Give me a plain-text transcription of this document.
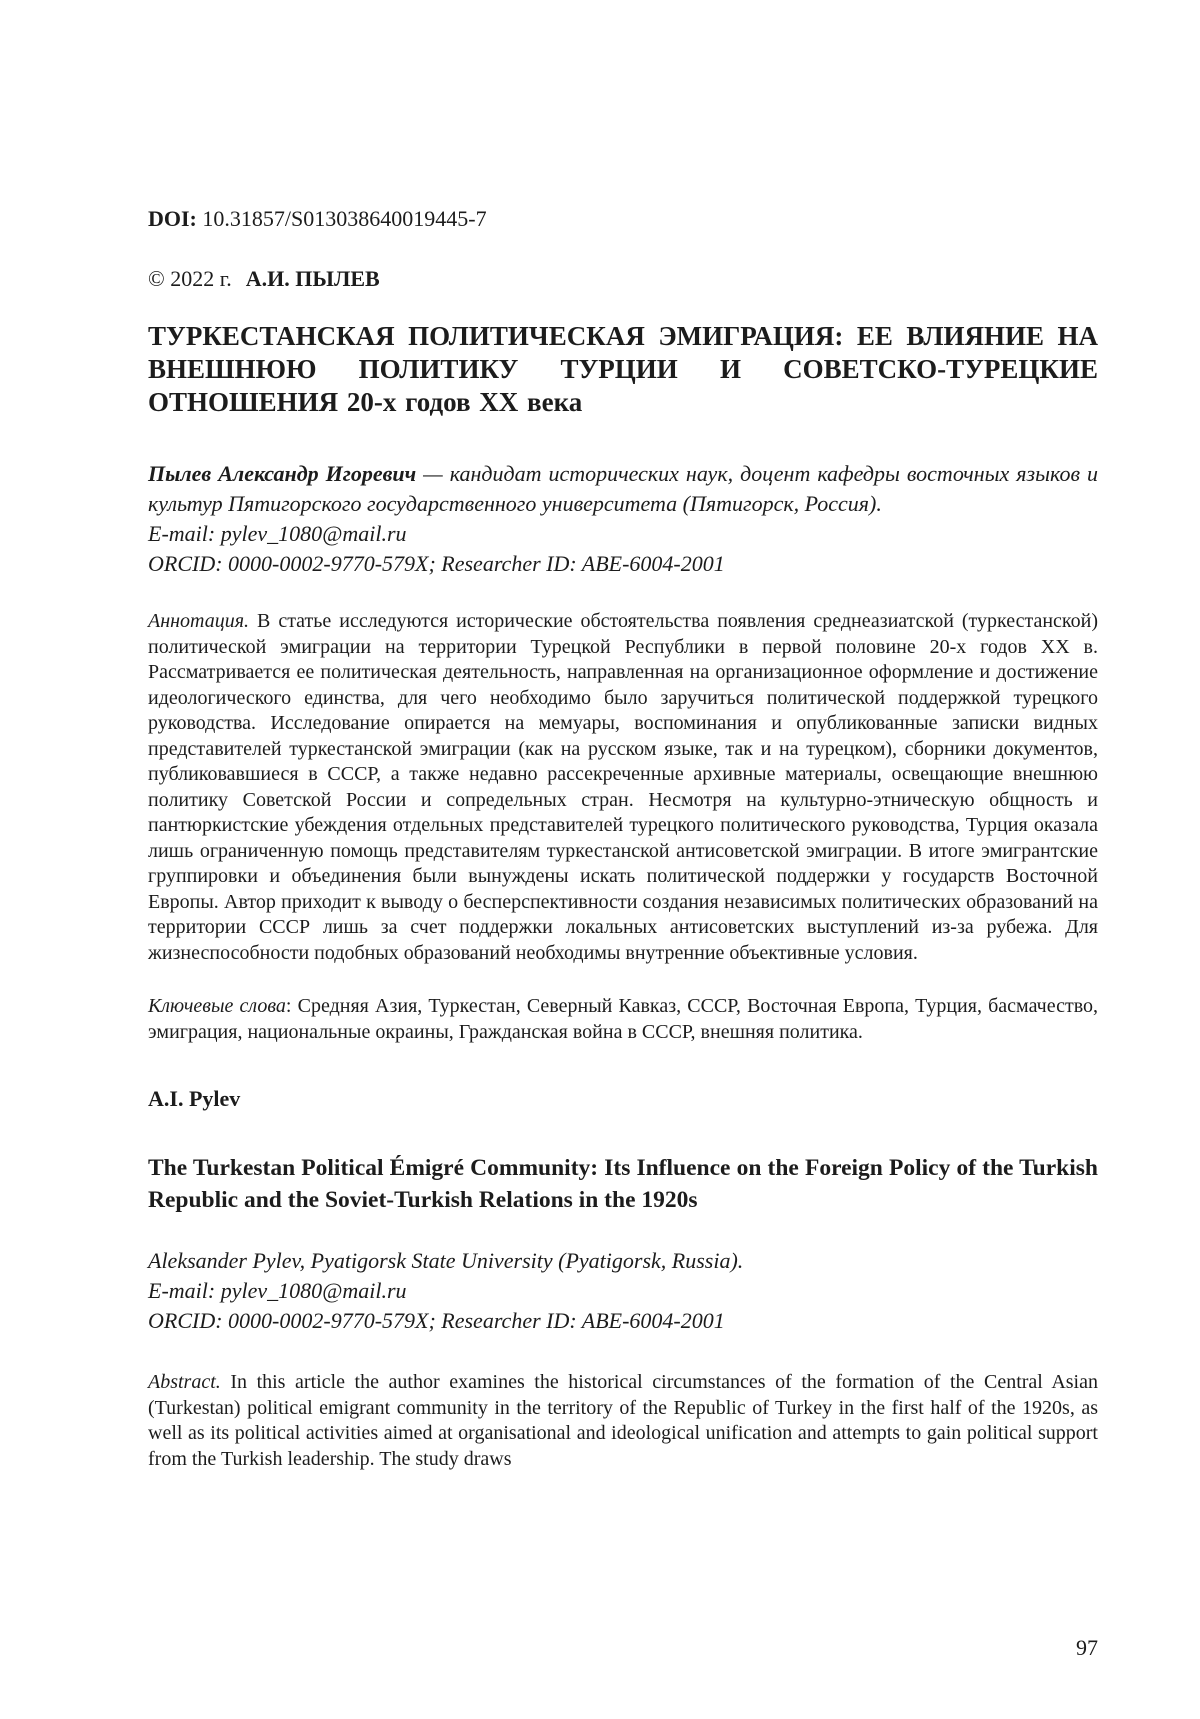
DOI: 10.31857/S013038640019445-7
© 2022 г. А.И. ПЫЛЕВ
ТУРКЕСТАНСКАЯ ПОЛИТИЧЕСКАЯ ЭМИГРАЦИЯ: ЕЕ ВЛИЯНИЕ НА ВНЕШНЮЮ ПОЛИТИКУ ТУРЦИИ И СОВЕТСКО-ТУРЕЦКИЕ ОТНОШЕНИЯ 20-х годов XX века
Пылев Александр Игоревич — кандидат исторических наук, доцент кафедры восточных языков и культур Пятигорского государственного университета (Пятигорск, Россия).
E-mail: pylev_1080@mail.ru
ORCID: 0000-0002-9770-579X; Researcher ID: ABE-6004-2001
Аннотация. В статье исследуются исторические обстоятельства появления среднеазиатской (туркестанской) политической эмиграции на территории Турецкой Республики в первой половине 20-х годов XX в. Рассматривается ее политическая деятельность, направленная на организационное оформление и достижение идеологического единства, для чего необходимо было заручиться политической поддержкой турецкого руководства. Исследование опирается на мемуары, воспоминания и опубликованные записки видных представителей туркестанской эмиграции (как на русском языке, так и на турецком), сборники документов, публиковавшиеся в СССР, а также недавно рассекреченные архивные материалы, освещающие внешнюю политику Советской России и сопредельных стран. Несмотря на культурно-этническую общность и пантюркистские убеждения отдельных представителей турецкого политического руководства, Турция оказала лишь ограниченную помощь представителям туркестанской антисоветской эмиграции. В итоге эмигрантские группировки и объединения были вынуждены искать политической поддержки у государств Восточной Европы. Автор приходит к выводу о бесперспективности создания независимых политических образований на территории СССР лишь за счет поддержки локальных антисоветских выступлений из-за рубежа. Для жизнеспособности подобных образований необходимы внутренние объективные условия.
Ключевые слова: Средняя Азия, Туркестан, Северный Кавказ, СССР, Восточная Европа, Турция, басмачество, эмиграция, национальные окраины, Гражданская война в СССР, внешняя политика.
A.I. Pylev
The Turkestan Political Émigré Community: Its Influence on the Foreign Policy of the Turkish Republic and the Soviet-Turkish Relations in the 1920s
Aleksander Pylev, Pyatigorsk State University (Pyatigorsk, Russia).
E-mail: pylev_1080@mail.ru
ORCID: 0000-0002-9770-579X; Researcher ID: ABE-6004-2001
Abstract. In this article the author examines the historical circumstances of the formation of the Central Asian (Turkestan) political emigrant community in the territory of the Republic of Turkey in the first half of the 1920s, as well as its political activities aimed at organisational and ideological unification and attempts to gain political support from the Turkish leadership. The study draws
97
